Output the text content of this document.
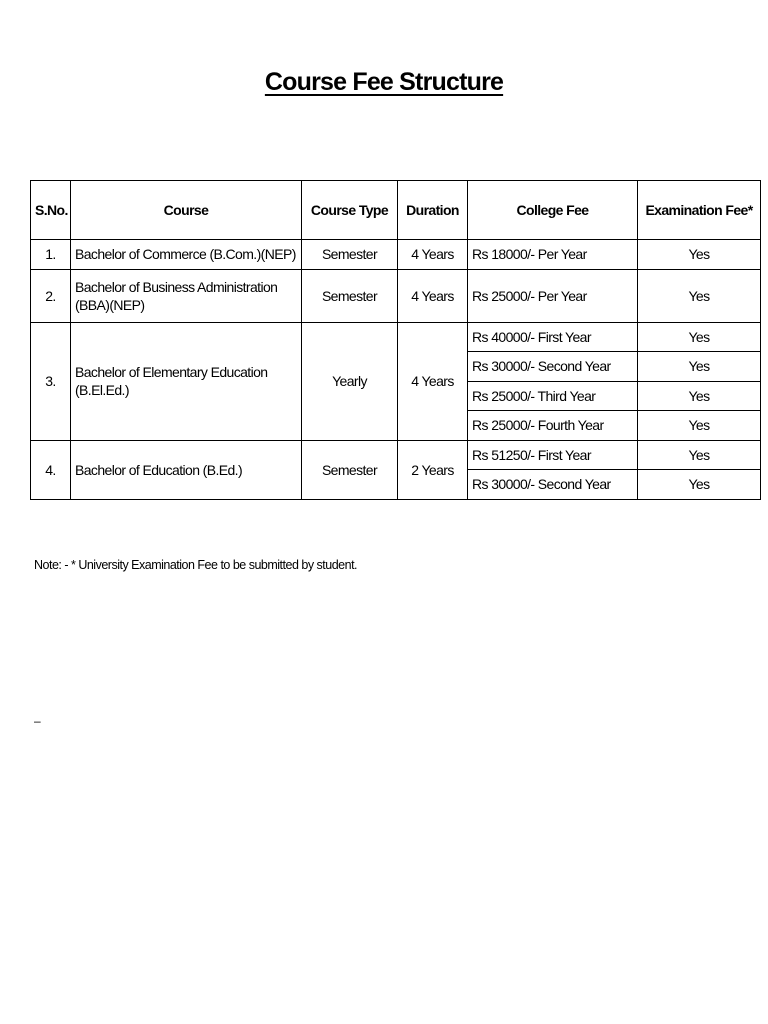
Course Fee Structure
S.No.	Course	Course Type	Duration	College Fee	Examination Fee*
1.	Bachelor of Commerce (B.Com.)(NEP)	Semester	4 Years	Rs 18000/- Per Year	Yes
2.	Bachelor of Business Administration (BBA)(NEP)	Semester	4 Years	Rs 25000/- Per Year	Yes
3.	Bachelor of Elementary Education (B.El.Ed.)	Yearly	4 Years	Rs 40000/- First Year	Yes
				Rs 30000/- Second Year	Yes
				Rs 25000/- Third Year	Yes
				Rs 25000/- Fourth Year	Yes
4.	Bachelor of Education (B.Ed.)	Semester	2 Years	Rs 51250/- First Year	Yes
				Rs 30000/- Second Year	Yes

Note: - * University Examination Fee to be submitted by student.

–
